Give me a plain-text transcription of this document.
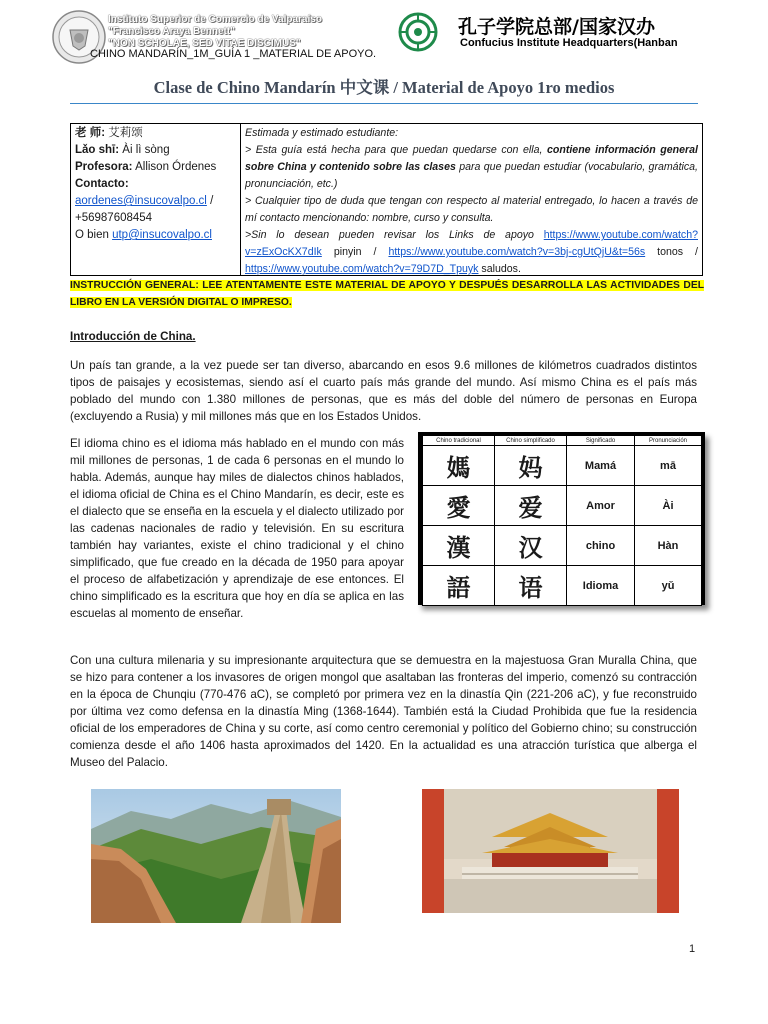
Instituto Superior de Comercio de Valparaíso
"Francisco Araya Bennett"
"NON SCHOLAE, SED VITAE DISCIMUS"
CHINO MANDARÍN_1M_GUÍA 1 _MATERIAL DE APOYO.
孔子学院总部/国家汉办
Confucius Institute Headquarters(Hanban
Clase de Chino Mandarín 中文课 / Material de Apoyo 1ro medios
老 师: 艾莉颂
Lǎo shī: Ài lì sòng
Profesora: Allison Órdenes
Contacto:
aordenes@insucovalpo.cl /
+56987608454
O bien utp@insucovalpo.cl
Estimada y estimado estudiante:
> Esta guía está hecha para que puedan quedarse con ella, contiene información general sobre China y contenido sobre las clases para que puedan estudiar (vocabulario, gramática, pronunciación, etc.)
> Cualquier tipo de duda que tengan con respecto al material entregado, lo hacen a través de mí contacto mencionando: nombre, curso y consulta.
>Sin lo desean pueden revisar los Links de apoyo https://www.youtube.com/watch?v=zExOcKX7dIk pinyin / https://www.youtube.com/watch?v=3bj-cgUtQjU&t=56s tonos / https://www.youtube.com/watch?v=79D7D_Tpuyk saludos.
INSTRUCCIÓN GENERAL: LEE ATENTAMENTE ESTE MATERIAL DE APOYO Y DESPUÉS DESARROLLA LAS ACTIVIDADES DEL LIBRO EN LA VERSIÓN DIGITAL O IMPRESO.
Introducción de China.
Un país tan grande, a la vez puede ser tan diverso, abarcando en esos 9.6 millones de kilómetros cuadrados distintos tipos de paisajes y ecosistemas, siendo así el cuarto país más grande del mundo. Así mismo China es el país más poblado del mundo con 1.380 millones de personas, que es más del doble del número de personas en Europa (excluyendo a Rusia) y mil millones más que en los Estados Unidos.
El idioma chino es el idioma más hablado en el mundo con más mil millones de personas, 1 de cada 6 personas en el mundo lo habla. Además, aunque hay miles de dialectos chinos hablados, el idioma oficial de China es el Chino Mandarín, es decir, este es el dialecto que se enseña en la escuela y el dialecto utilizado por las cadenas nacionales de radio y televisión. En su escritura también hay variantes, existe el chino tradicional y el chino simplificado, que fue creado en la década de 1950 para apoyar el proceso de alfabetización y aprendizaje de ese entonces. El chino simplificado es la escritura que hoy en día se aplica en las escuelas al momento de enseñar.
Chino tradicional	Chino simplificado	Significado	Pronunciación
媽	妈	Mamá	mā
愛	爱	Amor	Ài
漢	汉	chino	Hàn
語	语	Idioma	yǔ
Con una cultura milenaria y su impresionante arquitectura que se demuestra en la majestuosa Gran Muralla China, que se hizo para contener a los invasores de origen mongol que asaltaban las fronteras del imperio, comenzó su contracción en la época de Chunqiu (770-476 aC), se completó por primera vez en la dinastía Qin (221-206 aC), y fue reconstruido por última vez como defensa en la dinastía Ming (1368-1644). También está la Ciudad Prohibida que fue la residencia oficial de los emperadores de China y su corte, así como centro ceremonial y político del Gobierno chino; su construcción comienza desde el año 1406 hasta aproximados del 1420. En la actualidad es una atracción turística que alberga el Museo del Palacio.
1
